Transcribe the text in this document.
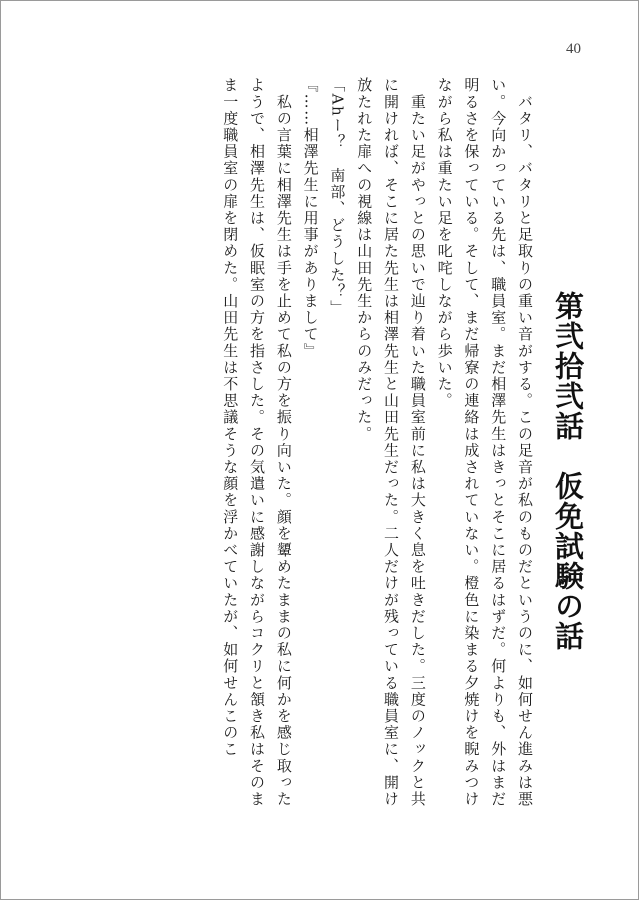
40
第弐拾弐話　仮免試験の話

　バタリ、バタリと足取りの重い音がする。この足音が私のものだというのに、如何せん進みは悪い。今向かっている先は、職員室。まだ相澤先生はきっとそこに居るはずだ。何よりも、外はまだ明るさを保っている。そして、まだ帰寮の連絡は成されていない。橙色に染まる夕焼けを睨みつけながら私は重たい足を叱咤しながら歩いた。

　重たい足がやっとの思いで辿り着いた職員室前に私は大きく息を吐きだした。三度のノックと共に開ければ、そこに居た先生は相澤先生と山田先生だった。二人だけが残っている職員室に、開け放たれた扉への視線は山田先生からのみだった。

「Ahー？　南部、どうした？」

『……相澤先生に用事がありまして』

　私の言葉に相澤先生は手を止めて私の方を振り向いた。顔を顰めたままの私に何かを感じ取ったようで、相澤先生は、仮眠室の方を指さした。その気遣いに感謝しながらコクリと頷き私はそのまま一度職員室の扉を閉めた。山田先生は不思議そうな顔を浮かべていたが、如何せんこのこ
